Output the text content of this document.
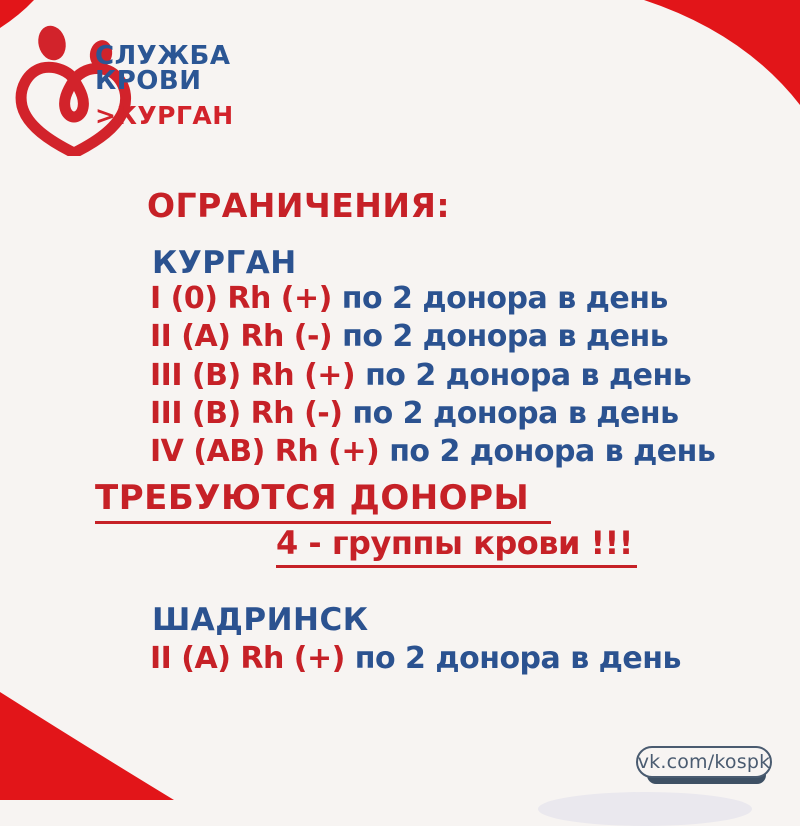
СЛУЖБА
КРОВИ
>КУРГАН
ОГРАНИЧЕНИЯ:
КУРГАН
I (0) Rh (+) по 2 донора в день
II (A) Rh (-) по 2 донора в день
III (B) Rh (+) по 2 донора в день
III (B) Rh (-) по 2 донора в день
IV (AB) Rh (+) по 2 донора в день
ТРЕБУЮТСЯ ДОНОРЫ
4 - группы крови !!!
ШАДРИНСК
II (A) Rh (+) по 2 донора в день
vk.com/kospk
